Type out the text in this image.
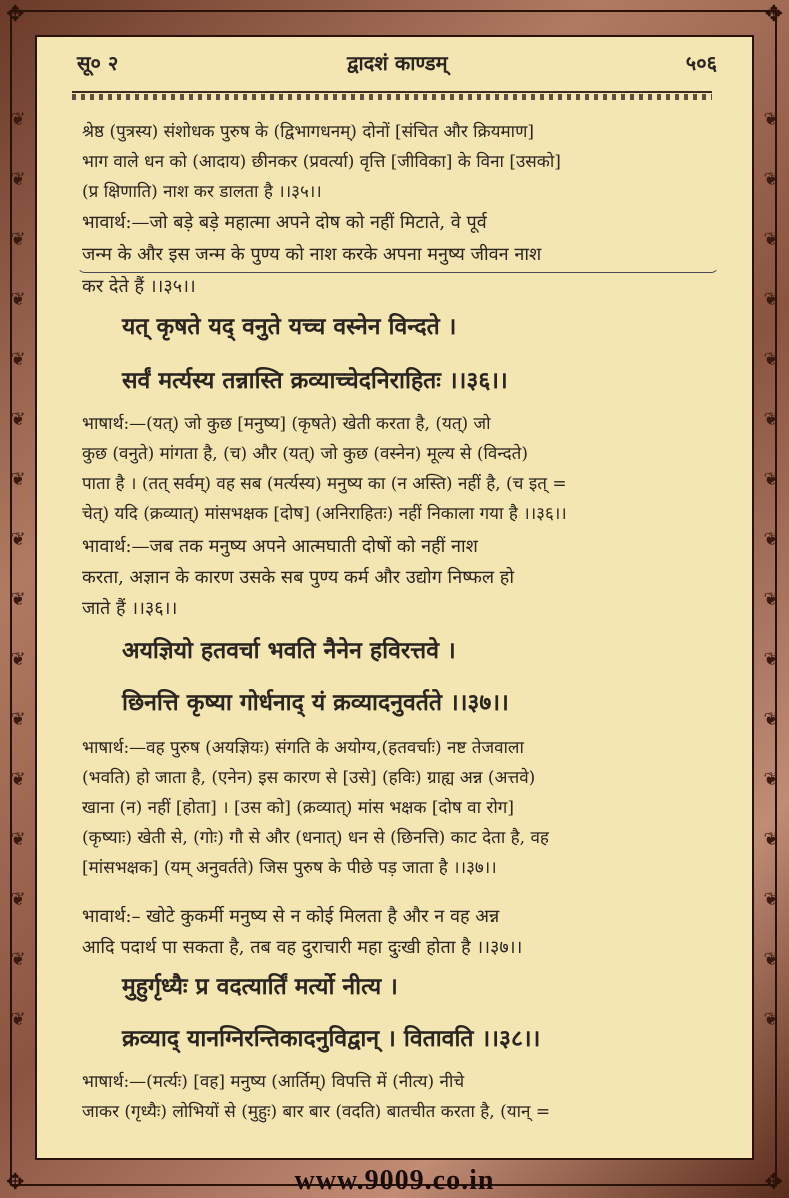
✥	✥
✥	✥
❦
❦
❦
❦
❦
❦
❦
❦
❦
❦
❦
❦
❦
❦
❦
❦
❦
❦
❦
❦
❦
❦
❦
❦
❦
❦
❦
❦
❦
❦
❦
❦
सू० २	द्वादशं काण्डम्	५०६
श्रेष्ठ (पुत्रस्य) संशोधक पुरुष के (द्विभागधनम्) दोनों [संचित और क्रियमाण]
भाग वाले धन को (आदाय) छीनकर (प्रवर्त्या) वृत्ति [जीविका] के विना [उसको]
(प्र क्षिणाति) नाश कर डालता है ।।३५।।
भावार्थ:—जो बड़े बड़े महात्मा अपने दोष को नहीं मिटाते, वे पूर्व
जन्म के और इस जन्म के पुण्य को नाश करके अपना मनुष्य जीवन नाश
कर देते हैं ।।३५।।
यत् कृषते यद् वनुते यच्च वस्नेन विन्दते ।
सर्वं मर्त्यस्य तन्नास्ति क्रव्याच्चेदनिराहितः ।।३६।।
भाषार्थ:—(यत्) जो कुछ [मनुष्य] (कृषते) खेती करता है, (यत्) जो
कुछ (वनुते) मांगता है, (च) और (यत्) जो कुछ (वस्नेन) मूल्य से (विन्दते)
पाता है । (तत् सर्वम्) वह सब (मर्त्यस्य) मनुष्य का (न अस्ति) नहीं है, (च इत् =
चेत्) यदि (क्रव्यात्) मांसभक्षक [दोष] (अनिराहितः) नहीं निकाला गया है ।।३६।।
भावार्थ:—जब तक मनुष्य अपने आत्मघाती दोषों को नहीं नाश
करता, अज्ञान के कारण उसके सब पुण्य कर्म और उद्योग निष्फल हो
जाते हैं ।।३६।।
अयज्ञियो हतवर्चा भवति नैनेन हविरत्तवे ।
छिनत्ति कृष्या गोर्धनाद् यं क्रव्यादनुवर्तते ।।३७।।
भाषार्थ:—वह पुरुष (अयज्ञियः) संगति के अयोग्य,(हतवर्चाः) नष्ट तेजवाला
(भवति) हो जाता है, (एनेन) इस कारण से [उसे] (हविः) ग्राह्य अन्न (अत्तवे)
खाना (न) नहीं [होता] । [उस को] (क्रव्यात्) मांस भक्षक [दोष वा रोग]
(कृष्याः) खेती से, (गोः) गौ से और (धनात्) धन से (छिनत्ति) काट देता है, वह
[मांसभक्षक] (यम् अनुवर्तते) जिस पुरुष के पीछे पड़ जाता है ।।३७।।
भावार्थ:– खोटे कुकर्मी मनुष्य से न कोई मिलता है और न वह अन्न
आदि पदार्थ पा सकता है, तब वह दुराचारी महा दुःखी होता है ।।३७।।
मुहुर्गृध्यैः प्र वदत्यार्तिं मर्त्यो नीत्य ।
क्रव्याद् यानग्निरन्तिकादनुविद्वान् । वितावति ।।३८।।
भाषार्थ:—(मर्त्यः) [वह] मनुष्य (आर्तिम्) विपत्ति में (नीत्य) नीचे
जाकर (गृध्यैः) लोभियों से (मुहुः) बार बार (वदति) बातचीत करता है, (यान् =
www.9009.co.in
